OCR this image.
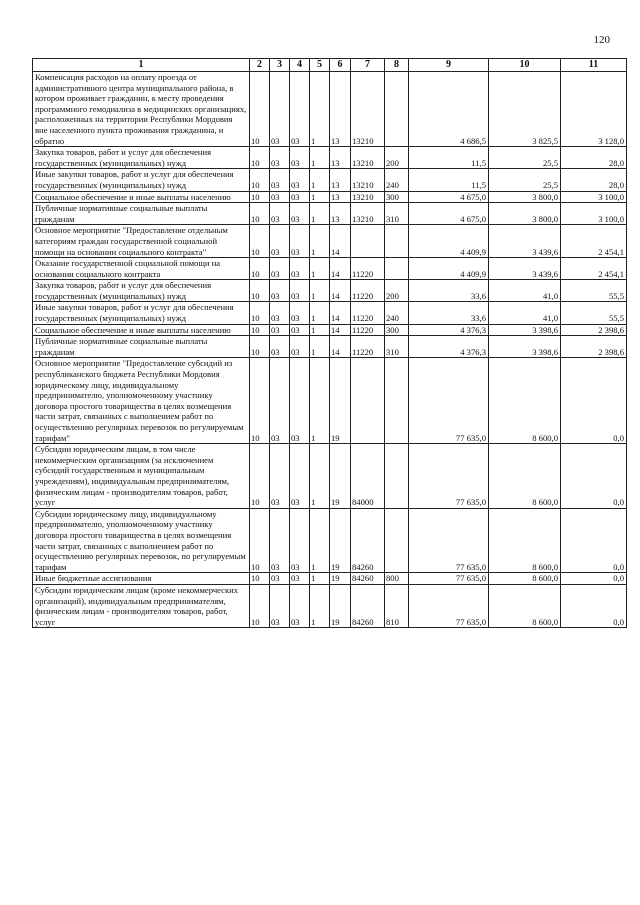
120
1	2	3	4	5	6	7	8	9	10	11
Компенсация расходов на оплату проезда от административного центра муниципального района, в котором проживает гражданин, к месту проведения программного гемодиализа в медицинских организациях, расположенных на территории Республики Мордовия вне населенного пункта проживания гражданина, и обратно	10	03	03	1	13	13210		4 686,5	3 825,5	3 128,0
Закупка товаров, работ и услуг для обеспечения государственных (муниципальных) нужд	10	03	03	1	13	13210	200	11,5	25,5	28,0
Иные закупки товаров, работ и услуг для обеспечения государственных (муниципальных) нужд	10	03	03	1	13	13210	240	11,5	25,5	28,0
Социальное обеспечение и иные выплаты населению	10	03	03	1	13	13210	300	4 675,0	3 800,0	3 100,0
Публичные нормативные социальные выплаты гражданам	10	03	03	1	13	13210	310	4 675,0	3 800,0	3 100,0
Основное мероприятие "Предоставление отдельным категориям граждан государственной социальной помощи на основании социального контракта"	10	03	03	1	14			4 409,9	3 439,6	2 454,1
Оказание государственной социальной помощи на основании социального контракта	10	03	03	1	14	11220		4 409,9	3 439,6	2 454,1
Закупка товаров, работ и услуг для обеспечения государственных (муниципальных) нужд	10	03	03	1	14	11220	200	33,6	41,0	55,5
Иные закупки товаров, работ и услуг для обеспечения государственных (муниципальных) нужд	10	03	03	1	14	11220	240	33,6	41,0	55,5
Социальное обеспечение и иные выплаты населению	10	03	03	1	14	11220	300	4 376,3	3 398,6	2 398,6
Публичные нормативные социальные выплаты гражданам	10	03	03	1	14	11220	310	4 376,3	3 398,6	2 398,6
Основное мероприятие "Предоставление субсидий из республиканского бюджета Республики Мордовия юридическому лицу, индивидуальному предпринимателю, уполномоченному участнику договора простого товарищества в целях возмещения части затрат, связанных с выполнением работ по осуществлению регулярных перевозок по регулируемым тарифам"	10	03	03	1	19			77 635,0	8 600,0	0,0
Субсидии юридическим лицам, в том числе некоммерческим организациям (за исключением субсидий государственным и муниципальным учреждениям), индивидуальным предпринимателям, физическим лицам - производителям товаров, работ, услуг	10	03	03	1	19	84000		77 635,0	8 600,0	0,0
Субсидии юридическому лицу, индивидуальному предпринимателю, уполномоченному участнику договора простого товарищества в целях возмещения части затрат, связанных с выполнением работ по осуществлению регулярных перевозок, по регулируемым тарифам	10	03	03	1	19	84260		77 635,0	8 600,0	0,0
Иные бюджетные ассигнования	10	03	03	1	19	84260	800	77 635,0	8 600,0	0,0
Субсидии юридическим лицам (кроме некоммерческих организаций), индивидуальным предпринимателям, физическим лицам - производителям товаров, работ, услуг	10	03	03	1	19	84260	810	77 635,0	8 600,0	0,0
